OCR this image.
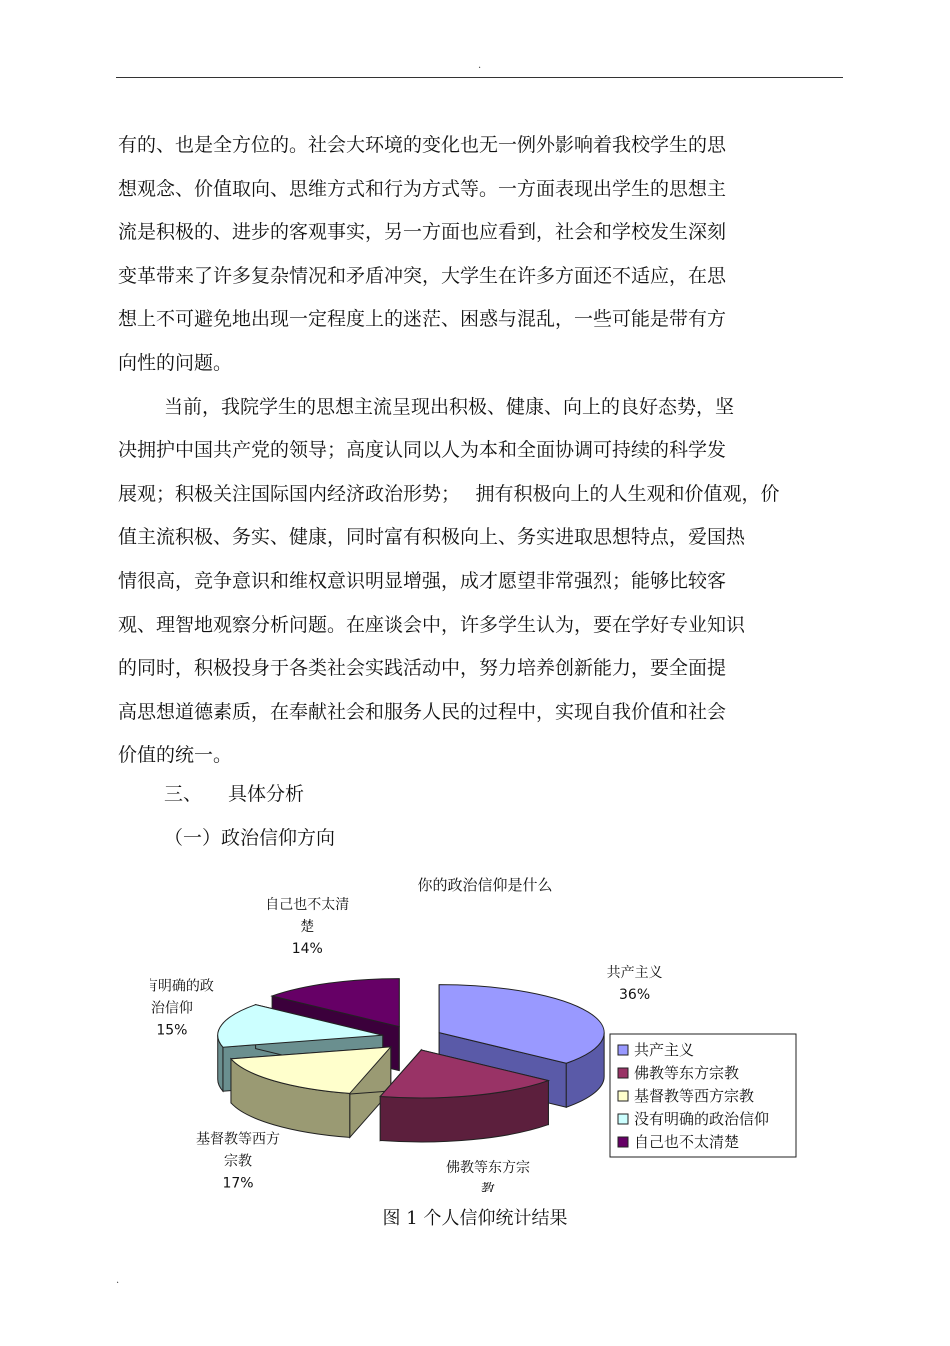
.
有的、也是全方位的。社会大环境的变化也无一例外影响着我校学生的思
想观念、价值取向、思维方式和行为方式等。一方面表现出学生的思想主
流是积极的、进步的客观事实，另一方面也应看到，社会和学校发生深刻
变革带来了许多复杂情况和矛盾冲突，大学生在许多方面还不适应，在思
想上不可避免地出现一定程度上的迷茫、困惑与混乱，一些可能是带有方
向性的问题。
当前，我院学生的思想主流呈现出积极、健康、向上的良好态势，坚
决拥护中国共产党的领导；高度认同以人为本和全面协调可持续的科学发
展观；积极关注国际国内经济政治形势；　 拥有积极向上的人生观和价值观，价
值主流积极、务实、健康，同时富有积极向上、务实进取思想特点，爱国热
情很高，竞争意识和维权意识明显增强，成才愿望非常强烈；能够比较客
观、理智地观察分析问题。在座谈会中，许多学生认为，要在学好专业知识
的同时，积极投身于各类社会实践活动中，努力培养创新能力，要全面提
高思想道德素质，在奉献社会和服务人民的过程中，实现自我价值和社会
价值的统一。
三、 具体分析
（一）政治信仰方向
你的政治信仰是什么
共产主义
36%
佛教等东方宗
教
基督教等西方
宗教
17%
有明确的政
治信仰
15%
自己也不太清
楚
14%
共产主义
佛教等东方宗教
基督教等西方宗教
没有明确的政治信仰
自己也不太清楚
图 1 个人信仰统计结果
.
